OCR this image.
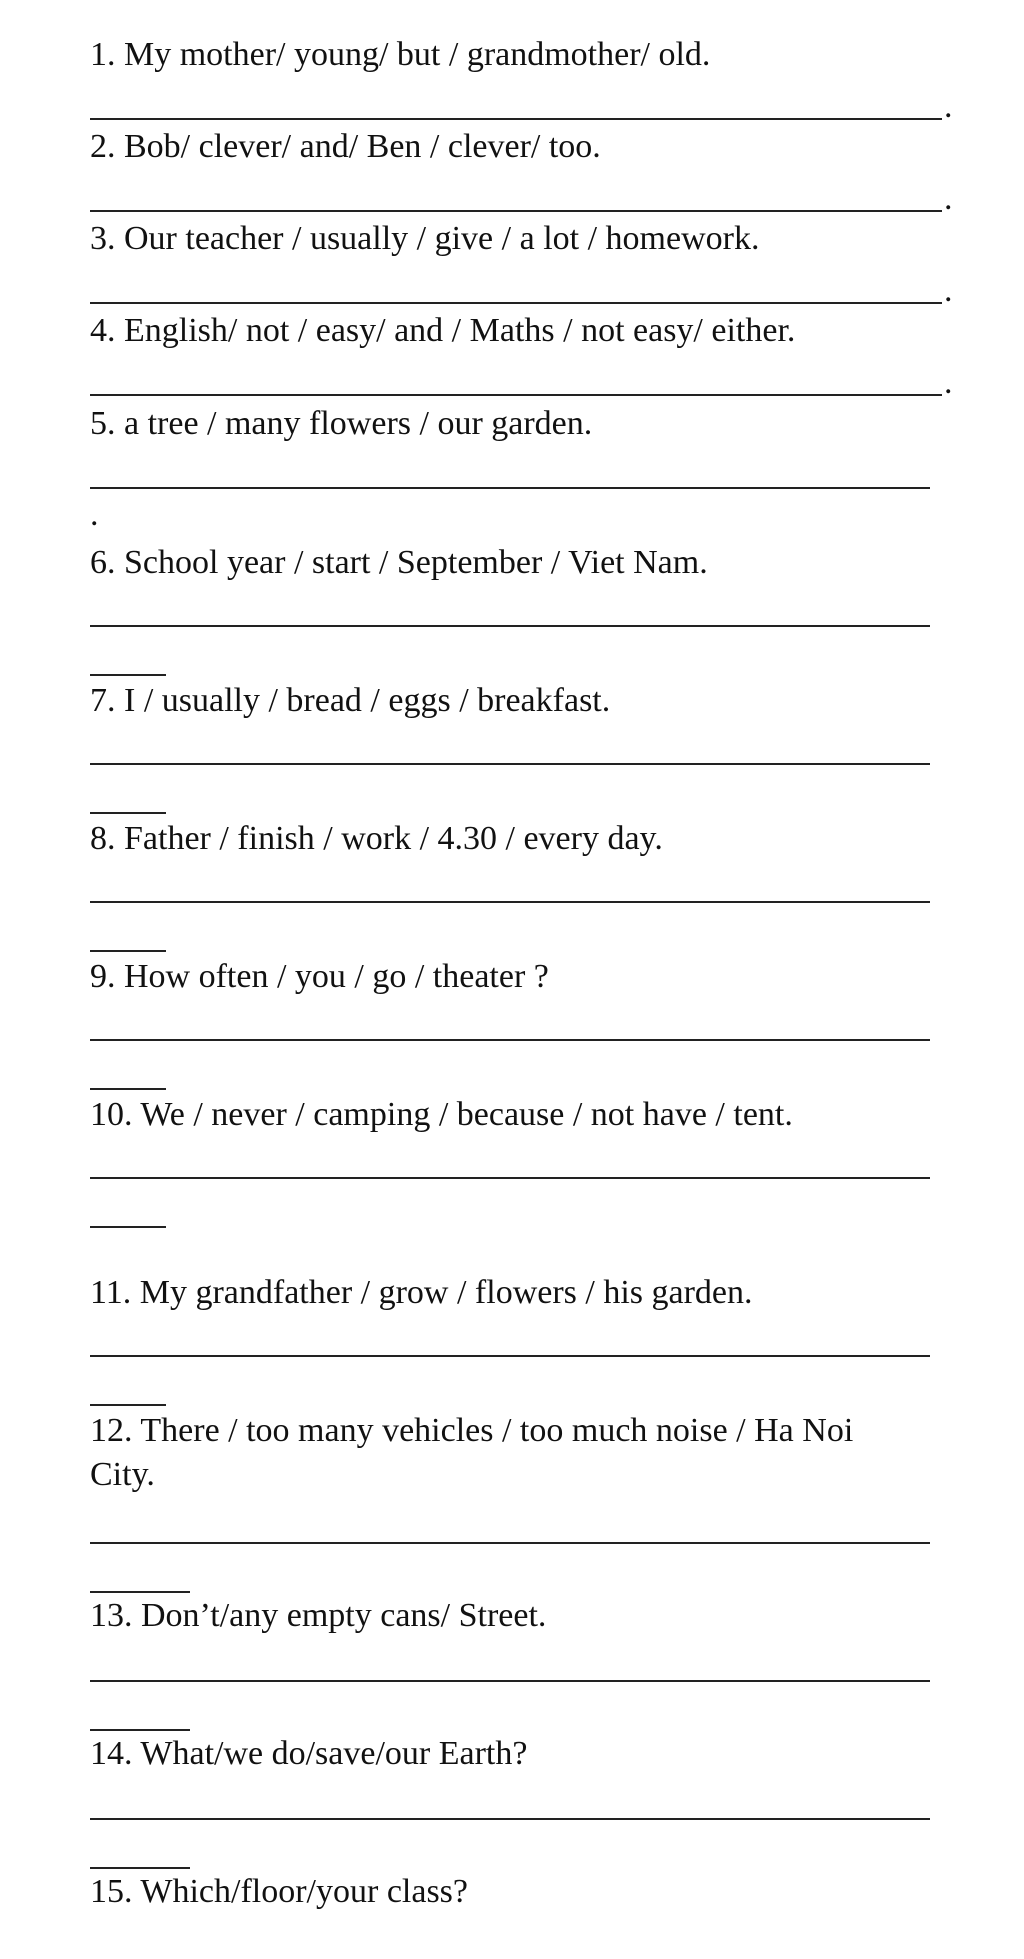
1. My mother/ young/ but / grandmother/ old.
.
2. Bob/ clever/ and/ Ben / clever/ too.
.
3. Our teacher / usually / give / a lot / homework.
.
4. English/ not / easy/ and / Maths / not easy/ either.
.
5. a tree / many flowers / our garden.
.
6. School year / start / September / Viet Nam.
7. I / usually / bread / eggs / breakfast.
8. Father / finish / work / 4.30 / every day.
9. How often / you / go / theater ?
10. We / never / camping / because / not have / tent.
11. My grandfather / grow / flowers / his garden.
12. There / too many vehicles / too much noise / Ha Noi City.
13. Don’t/any empty cans/ Street.
14. What/we do/save/our Earth?
15. Which/floor/your class?
